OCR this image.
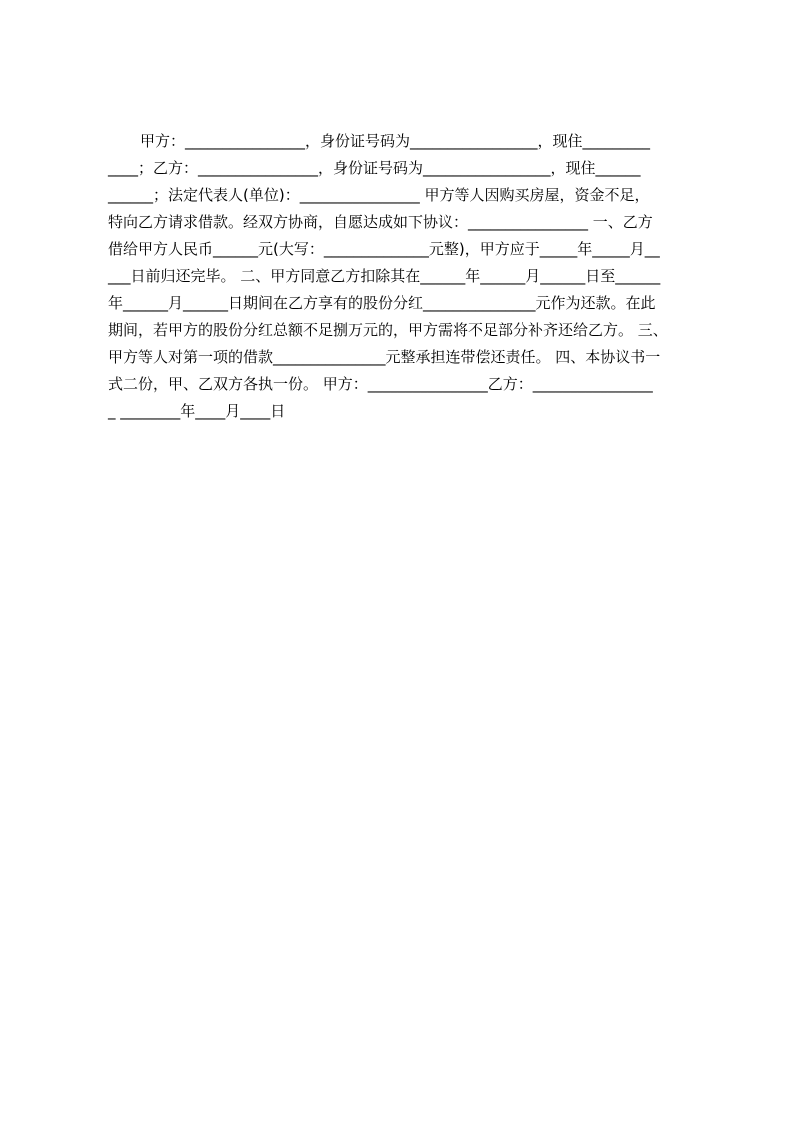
甲方：________________，身份证号码为_________________，现住_________
____；乙方：________________，身份证号码为_________________，现住______
______；法定代表人(单位)：________________ 甲方等人因购买房屋，资金不足，
特向乙方请求借款。经双方协商，自愿达成如下协议：________________ 一、乙方
借给甲方人民币______元(大写：______________元整)，甲方应于_____年_____月__
___日前归还完毕。 二、甲方同意乙方扣除其在______年______月______日至______
年______月______日期间在乙方享有的股份分红_______________元作为还款。在此
期间，若甲方的股份分红总额不足捌万元的，甲方需将不足部分补齐还给乙方。 三、
甲方等人对第一项的借款_______________元整承担连带偿还责任。 四、本协议书一
式二份，甲、乙双方各执一份。 甲方：________________乙方：________________
_ ________年____月____日
